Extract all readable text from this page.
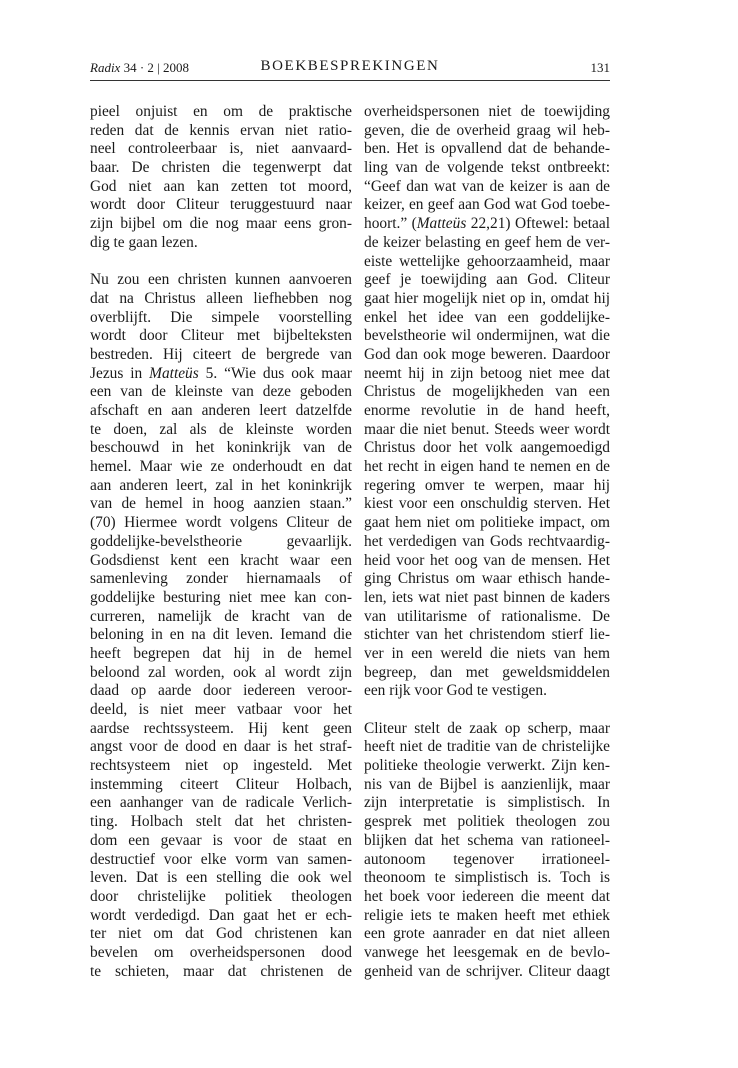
Radix 34 · 2 | 2008	BOEKBESPREKINGEN	131
pieel onjuist en om de praktische
reden dat de kennis ervan niet ratio-
neel controleerbaar is, niet aanvaard-
baar. De christen die tegenwerpt dat
God niet aan kan zetten tot moord,
wordt door Cliteur teruggestuurd naar
zijn bijbel om die nog maar eens gron-
dig te gaan lezen.
Nu zou een christen kunnen aanvoeren
dat na Christus alleen liefhebben nog
overblijft. Die simpele voorstelling
wordt door Cliteur met bijbelteksten
bestreden. Hij citeert de bergrede van
Jezus in Matteüs 5. “Wie dus ook maar
een van de kleinste van deze geboden
afschaft en aan anderen leert datzelfde
te doen, zal als de kleinste worden
beschouwd in het koninkrijk van de
hemel. Maar wie ze onderhoudt en dat
aan anderen leert, zal in het koninkrijk
van de hemel in hoog aanzien staan.”
(70) Hiermee wordt volgens Cliteur de
goddelijke-bevelstheorie gevaarlijk.
Godsdienst kent een kracht waar een
samenleving zonder hiernamaals of
goddelijke besturing niet mee kan con-
curreren, namelijk de kracht van de
beloning in en na dit leven. Iemand die
heeft begrepen dat hij in de hemel
beloond zal worden, ook al wordt zijn
daad op aarde door iedereen veroor-
deeld, is niet meer vatbaar voor het
aardse rechtssysteem. Hij kent geen
angst voor de dood en daar is het straf-
rechtsysteem niet op ingesteld. Met
instemming citeert Cliteur Holbach,
een aanhanger van de radicale Verlich-
ting. Holbach stelt dat het christen-
dom een gevaar is voor de staat en
destructief voor elke vorm van samen-
leven. Dat is een stelling die ook wel
door christelijke politiek theologen
wordt verdedigd. Dan gaat het er ech-
ter niet om dat God christenen kan
bevelen om overheidspersonen dood
te schieten, maar dat christenen de
overheidspersonen niet de toewijding
geven, die de overheid graag wil heb-
ben. Het is opvallend dat de behande-
ling van de volgende tekst ontbreekt:
“Geef dan wat van de keizer is aan de
keizer, en geef aan God wat God toebe-
hoort.” (Matteüs 22,21) Oftewel: betaal
de keizer belasting en geef hem de ver-
eiste wettelijke gehoorzaamheid, maar
geef je toewijding aan God. Cliteur
gaat hier mogelijk niet op in, omdat hij
enkel het idee van een goddelijke-
bevelstheorie wil ondermijnen, wat die
God dan ook moge beweren. Daardoor
neemt hij in zijn betoog niet mee dat
Christus de mogelijkheden van een
enorme revolutie in de hand heeft,
maar die niet benut. Steeds weer wordt
Christus door het volk aangemoedigd
het recht in eigen hand te nemen en de
regering omver te werpen, maar hij
kiest voor een onschuldig sterven. Het
gaat hem niet om politieke impact, om
het verdedigen van Gods rechtvaardig-
heid voor het oog van de mensen. Het
ging Christus om waar ethisch hande-
len, iets wat niet past binnen de kaders
van utilitarisme of rationalisme. De
stichter van het christendom stierf lie-
ver in een wereld die niets van hem
begreep, dan met geweldsmiddelen
een rijk voor God te vestigen.
Cliteur stelt de zaak op scherp, maar
heeft niet de traditie van de christelijke
politieke theologie verwerkt. Zijn ken-
nis van de Bijbel is aanzienlijk, maar
zijn interpretatie is simplistisch. In
gesprek met politiek theologen zou
blijken dat het schema van rationeel-
autonoom tegenover irrationeel-
theonoom te simplistisch is. Toch is
het boek voor iedereen die meent dat
religie iets te maken heeft met ethiek
een grote aanrader en dat niet alleen
vanwege het leesgemak en de bevlo-
genheid van de schrijver. Cliteur daagt
